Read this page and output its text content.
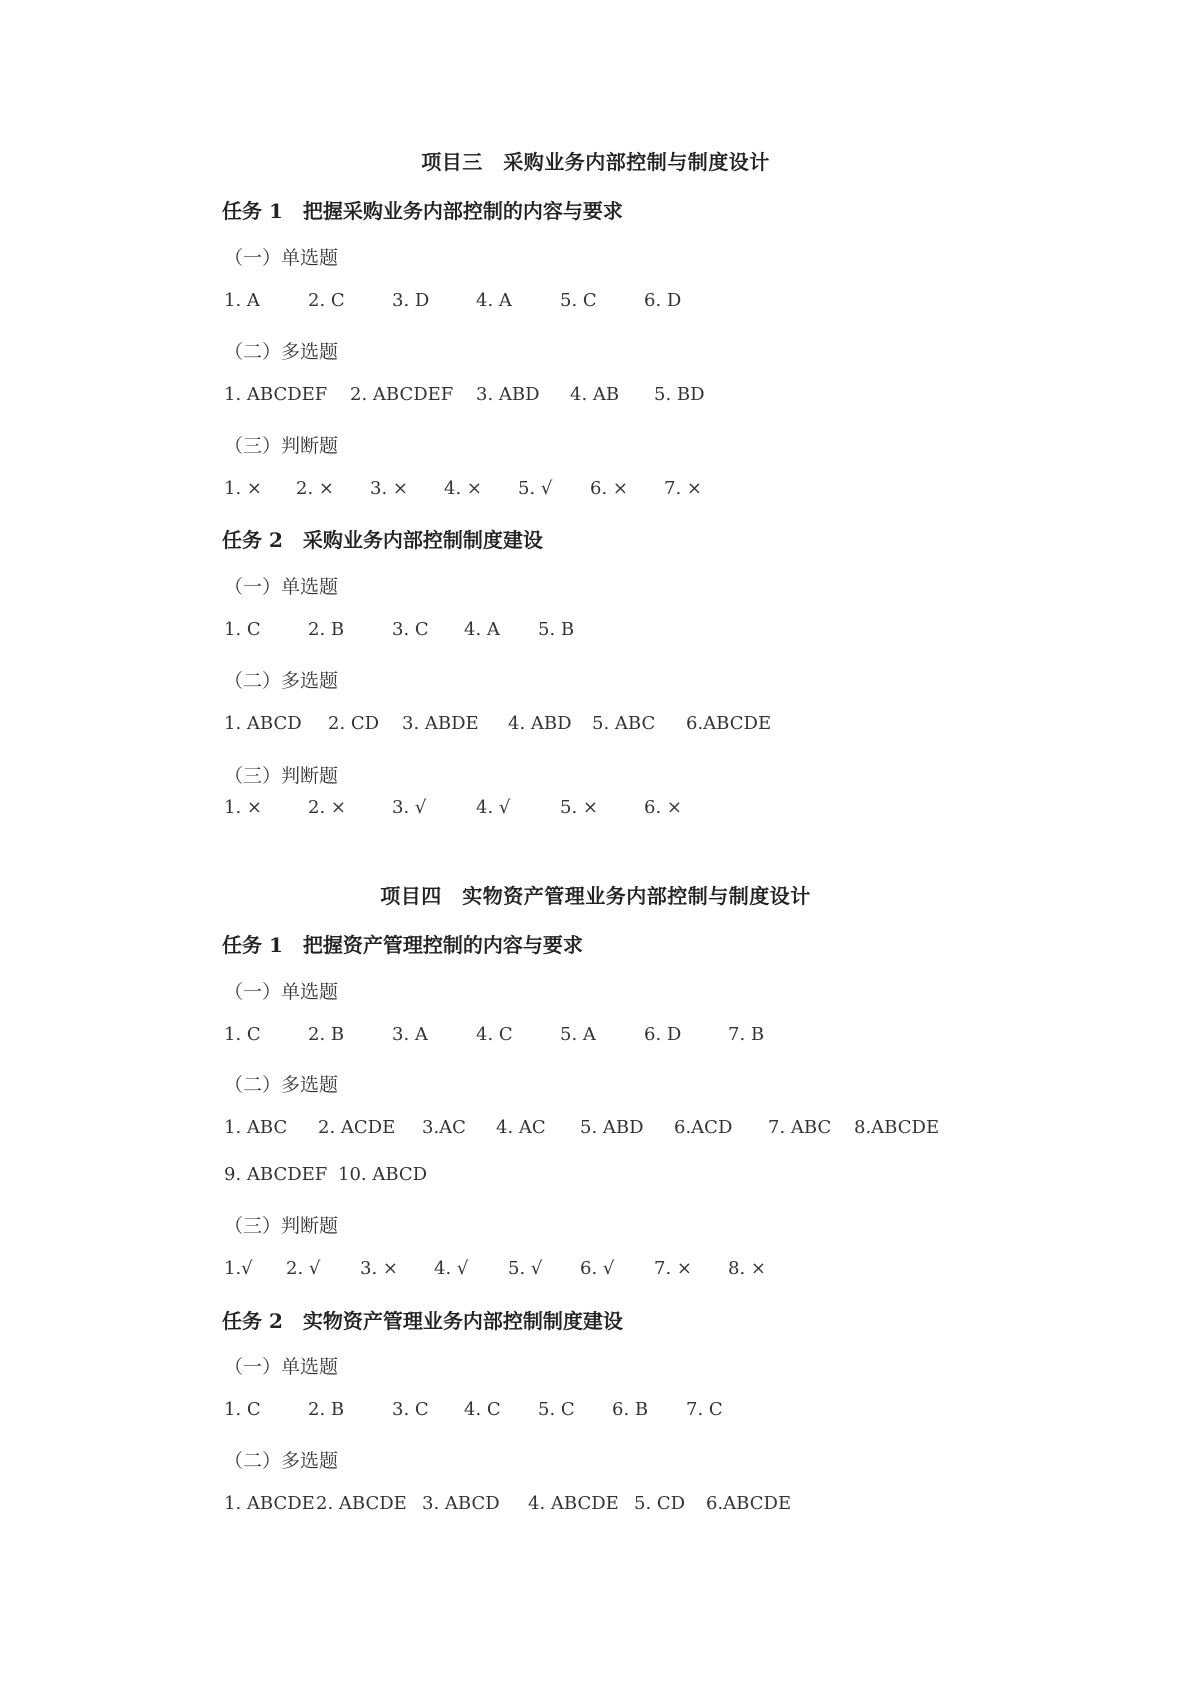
项目三　采购业务内部控制与制度设计
任务 1　把握采购业务内部控制的内容与要求
（一）单选题
1. A	2. C	3. D	4. A	5. C	6. D
（二）多选题
1. ABCDEF 2. ABCDEF 3. ABD 4. AB 5. BD
（三）判断题
1. × 2. × 3. × 4. × 5. √ 6. × 7. ×
任务 2　采购业务内部控制制度建设
（一）单选题
1. C	2. B	3. C 4. A 5. B
（二）多选题
1. ABCD 2. CD 3. ABDE 4. ABD 5. ABC 6.ABCDE
（三）判断题
1. ×	2. ×	3. √	4. √	5. ×	6. ×
项目四　实物资产管理业务内部控制与制度设计
任务 1　把握资产管理控制的内容与要求
（一）单选题
1. C	2. B	3. A	4. C	5. A	6. D	7. B
（二）多选题
1. ABC 2. ACDE 3.AC 4. AC 5. ABD 6.ACD 7. ABC 8.ABCDE
9. ABCDEF 10. ABCD
（三）判断题
1.√ 2. √ 3. × 4. √ 5. √ 6. √ 7. × 8. ×
任务 2　实物资产管理业务内部控制制度建设
（一）单选题
1. C	2. B	3. C 4. C 5. C 6. B 7. C
（二）多选题
1. ABCDE 2. ABCDE 3. ABCD 4. ABCDE 5. CD 6.ABCDE
